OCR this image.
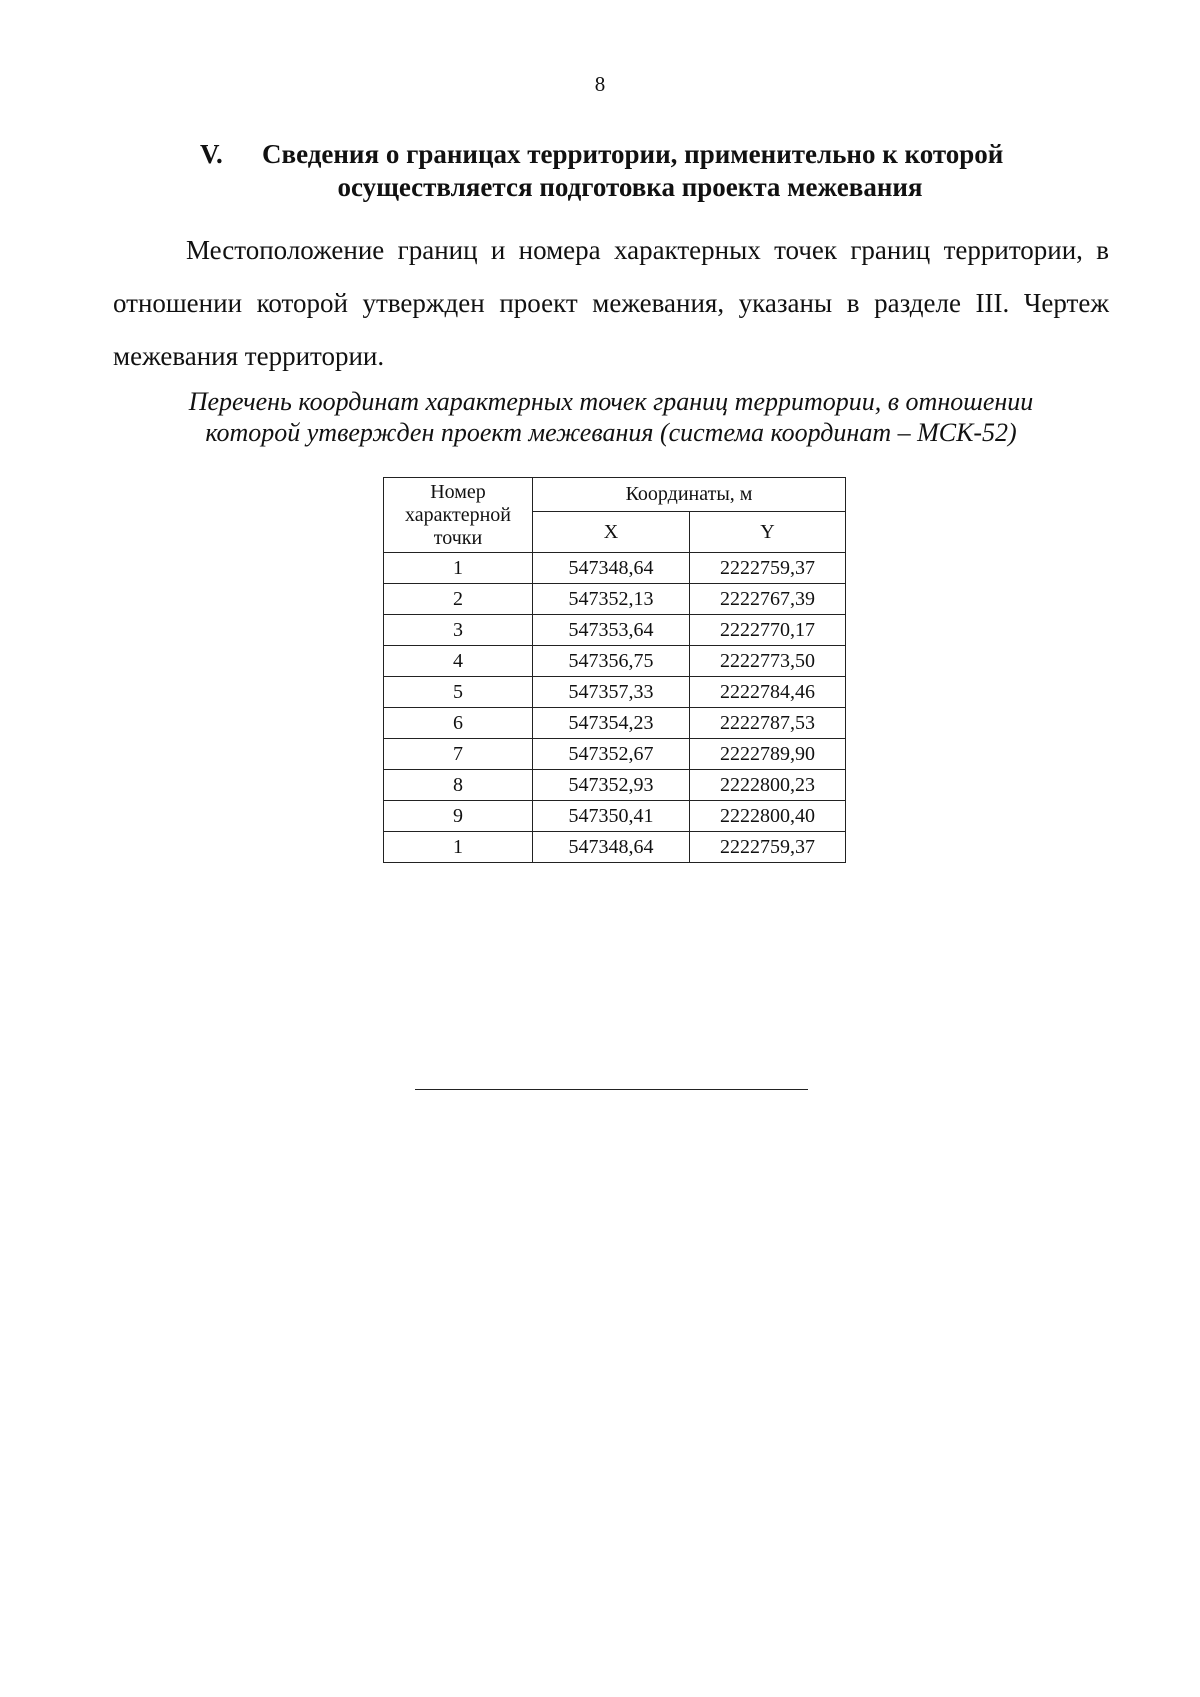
8
V. Сведения о границах территории, применительно к которой
осуществляется подготовка проекта межевания

Местоположение границ и номера характерных точек границ территории, в отношении которой утвержден проект межевания, указаны в разделе III. Чертеж межевания территории.

Перечень координат характерных точек границ территории, в отношении
которой утвержден проект межевания (система координат – МСК-52)

Номер характерной точки	Координаты, м	
	X	Y
1	547348,64	2222759,37
2	547352,13	2222767,39
3	547353,64	2222770,17
4	547356,75	2222773,50
5	547357,33	2222784,46
6	547354,23	2222787,53
7	547352,67	2222789,90
8	547352,93	2222800,23
9	547350,41	2222800,40
1	547348,64	2222759,37
